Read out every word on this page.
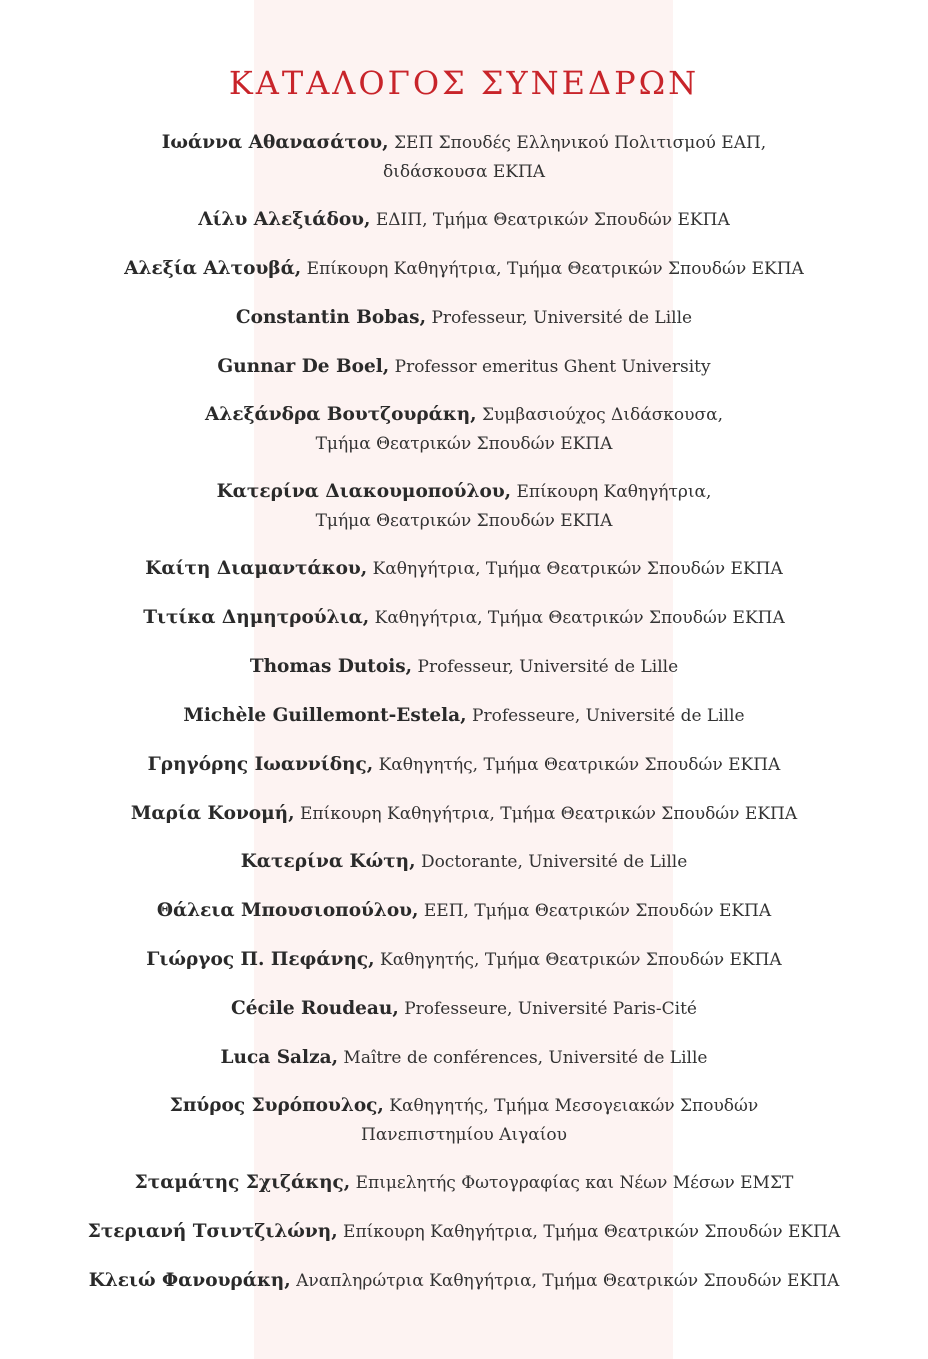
ΚΑΤΑΛΟΓΟΣ ΣΥΝΕΔΡΩΝ

Ιωάννα Αθανασάτου, ΣΕΠ Σπουδές Ελληνικού Πολιτισμού ΕΑΠ,
διδάσκουσα ΕΚΠΑ

Λίλυ Αλεξιάδου, ΕΔΙΠ, Τμήμα Θεατρικών Σπουδών ΕΚΠΑ

Αλεξία Αλτουβά, Επίκουρη Καθηγήτρια, Τμήμα Θεατρικών Σπουδών ΕΚΠΑ

Constantin Bobas, Professeur, Université de Lille

Gunnar De Boel, Professor emeritus Ghent University

Αλεξάνδρα Βουτζουράκη, Συμβασιούχος Διδάσκουσα,
Τμήμα Θεατρικών Σπουδών ΕΚΠΑ

Κατερίνα Διακουμοπούλου, Επίκουρη Καθηγήτρια,
Τμήμα Θεατρικών Σπουδών ΕΚΠΑ

Καίτη Διαμαντάκου, Καθηγήτρια, Τμήμα Θεατρικών Σπουδών ΕΚΠΑ

Τιτίκα Δημητρούλια, Καθηγήτρια, Τμήμα Θεατρικών Σπουδών ΕΚΠΑ

Thomas Dutois, Professeur, Université de Lille

Michèle Guillemont-Estela, Professeure, Université de Lille

Γρηγόρης Ιωαννίδης, Καθηγητής, Τμήμα Θεατρικών Σπουδών ΕΚΠΑ

Μαρία Κονομή, Επίκουρη Καθηγήτρια, Τμήμα Θεατρικών Σπουδών ΕΚΠΑ

Κατερίνα Κώτη, Doctorante, Université de Lille

Θάλεια Μπουσιοπούλου, ΕΕΠ, Τμήμα Θεατρικών Σπουδών ΕΚΠΑ

Γιώργος Π. Πεφάνης, Καθηγητής, Τμήμα Θεατρικών Σπουδών ΕΚΠΑ

Cécile Roudeau, Professeure, Université Paris-Cité

Luca Salza, Maître de conférences, Université de Lille

Σπύρος Συρόπουλος, Καθηγητής, Τμήμα Μεσογειακών Σπουδών
Πανεπιστημίου Αιγαίου

Σταμάτης Σχιζάκης, Επιμελητής Φωτογραφίας και Νέων Μέσων ΕΜΣΤ

Στεριανή Τσιντζιλώνη, Επίκουρη Καθηγήτρια, Τμήμα Θεατρικών Σπουδών ΕΚΠΑ

Κλειώ Φανουράκη, Αναπληρώτρια Καθηγήτρια, Τμήμα Θεατρικών Σπουδών ΕΚΠΑ
